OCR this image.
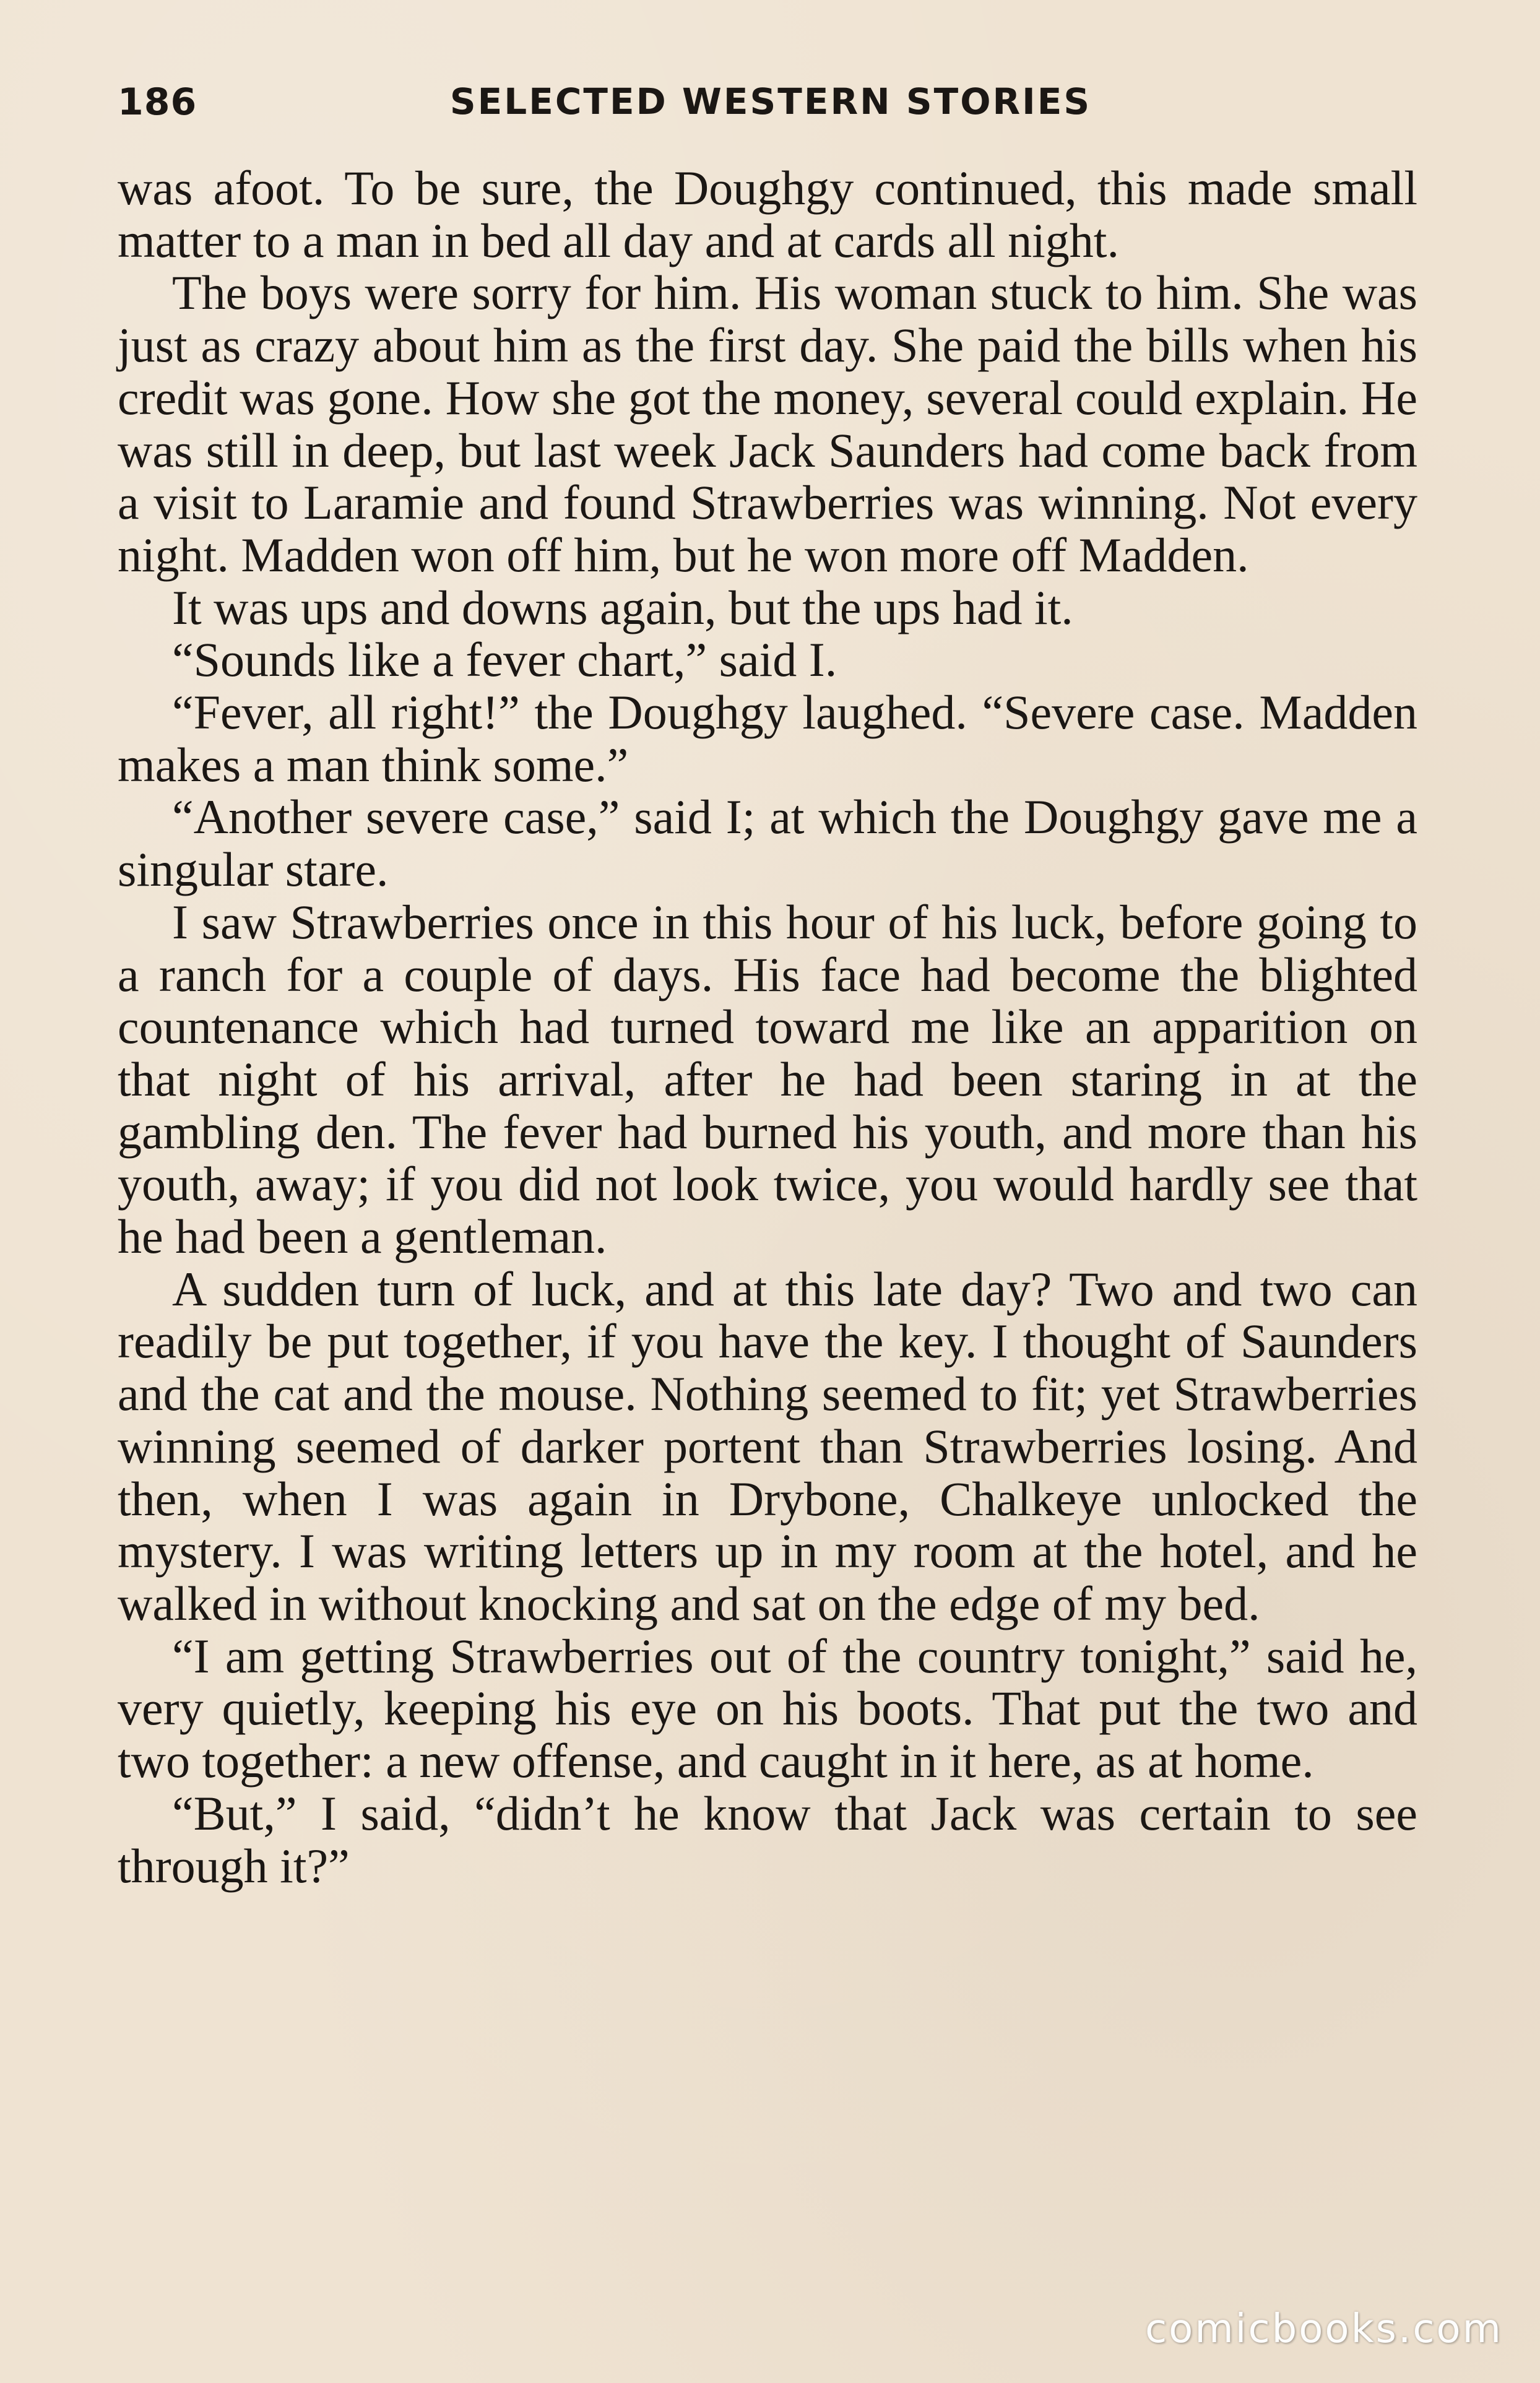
186	SELECTED WESTERN STORIES

was afoot. To be sure, the Doughgy continued, this made small matter to a man in bed all day and at cards all night.

The boys were sorry for him. His woman stuck to him. She was just as crazy about him as the first day. She paid the bills when his credit was gone. How she got the money, several could explain. He was still in deep, but last week Jack Saunders had come back from a visit to Laramie and found Strawberries was winning. Not every night. Madden won off him, but he won more off Madden.

It was ups and downs again, but the ups had it.

“Sounds like a fever chart,” said I.

“Fever, all right!” the Doughgy laughed. “Severe case. Madden makes a man think some.”

“Another severe case,” said I; at which the Doughgy gave me a singular stare.

I saw Strawberries once in this hour of his luck, before going to a ranch for a couple of days. His face had become the blighted countenance which had turned toward me like an apparition on that night of his arrival, after he had been staring in at the gambling den. The fever had burned his youth, and more than his youth, away; if you did not look twice, you would hardly see that he had been a gentleman.

A sudden turn of luck, and at this late day? Two and two can readily be put together, if you have the key. I thought of Saunders and the cat and the mouse. Nothing seemed to fit; yet Strawberries winning seemed of darker portent than Strawberries losing. And then, when I was again in Drybone, Chalkeye unlocked the mystery. I was writing letters up in my room at the hotel, and he walked in without knocking and sat on the edge of my bed.

“I am getting Strawberries out of the country tonight,” said he, very quietly, keeping his eye on his boots. That put the two and two together: a new offense, and caught in it here, as at home.

“But,” I said, “didn’t he know that Jack was certain to see through it?”

comicbooks.com
